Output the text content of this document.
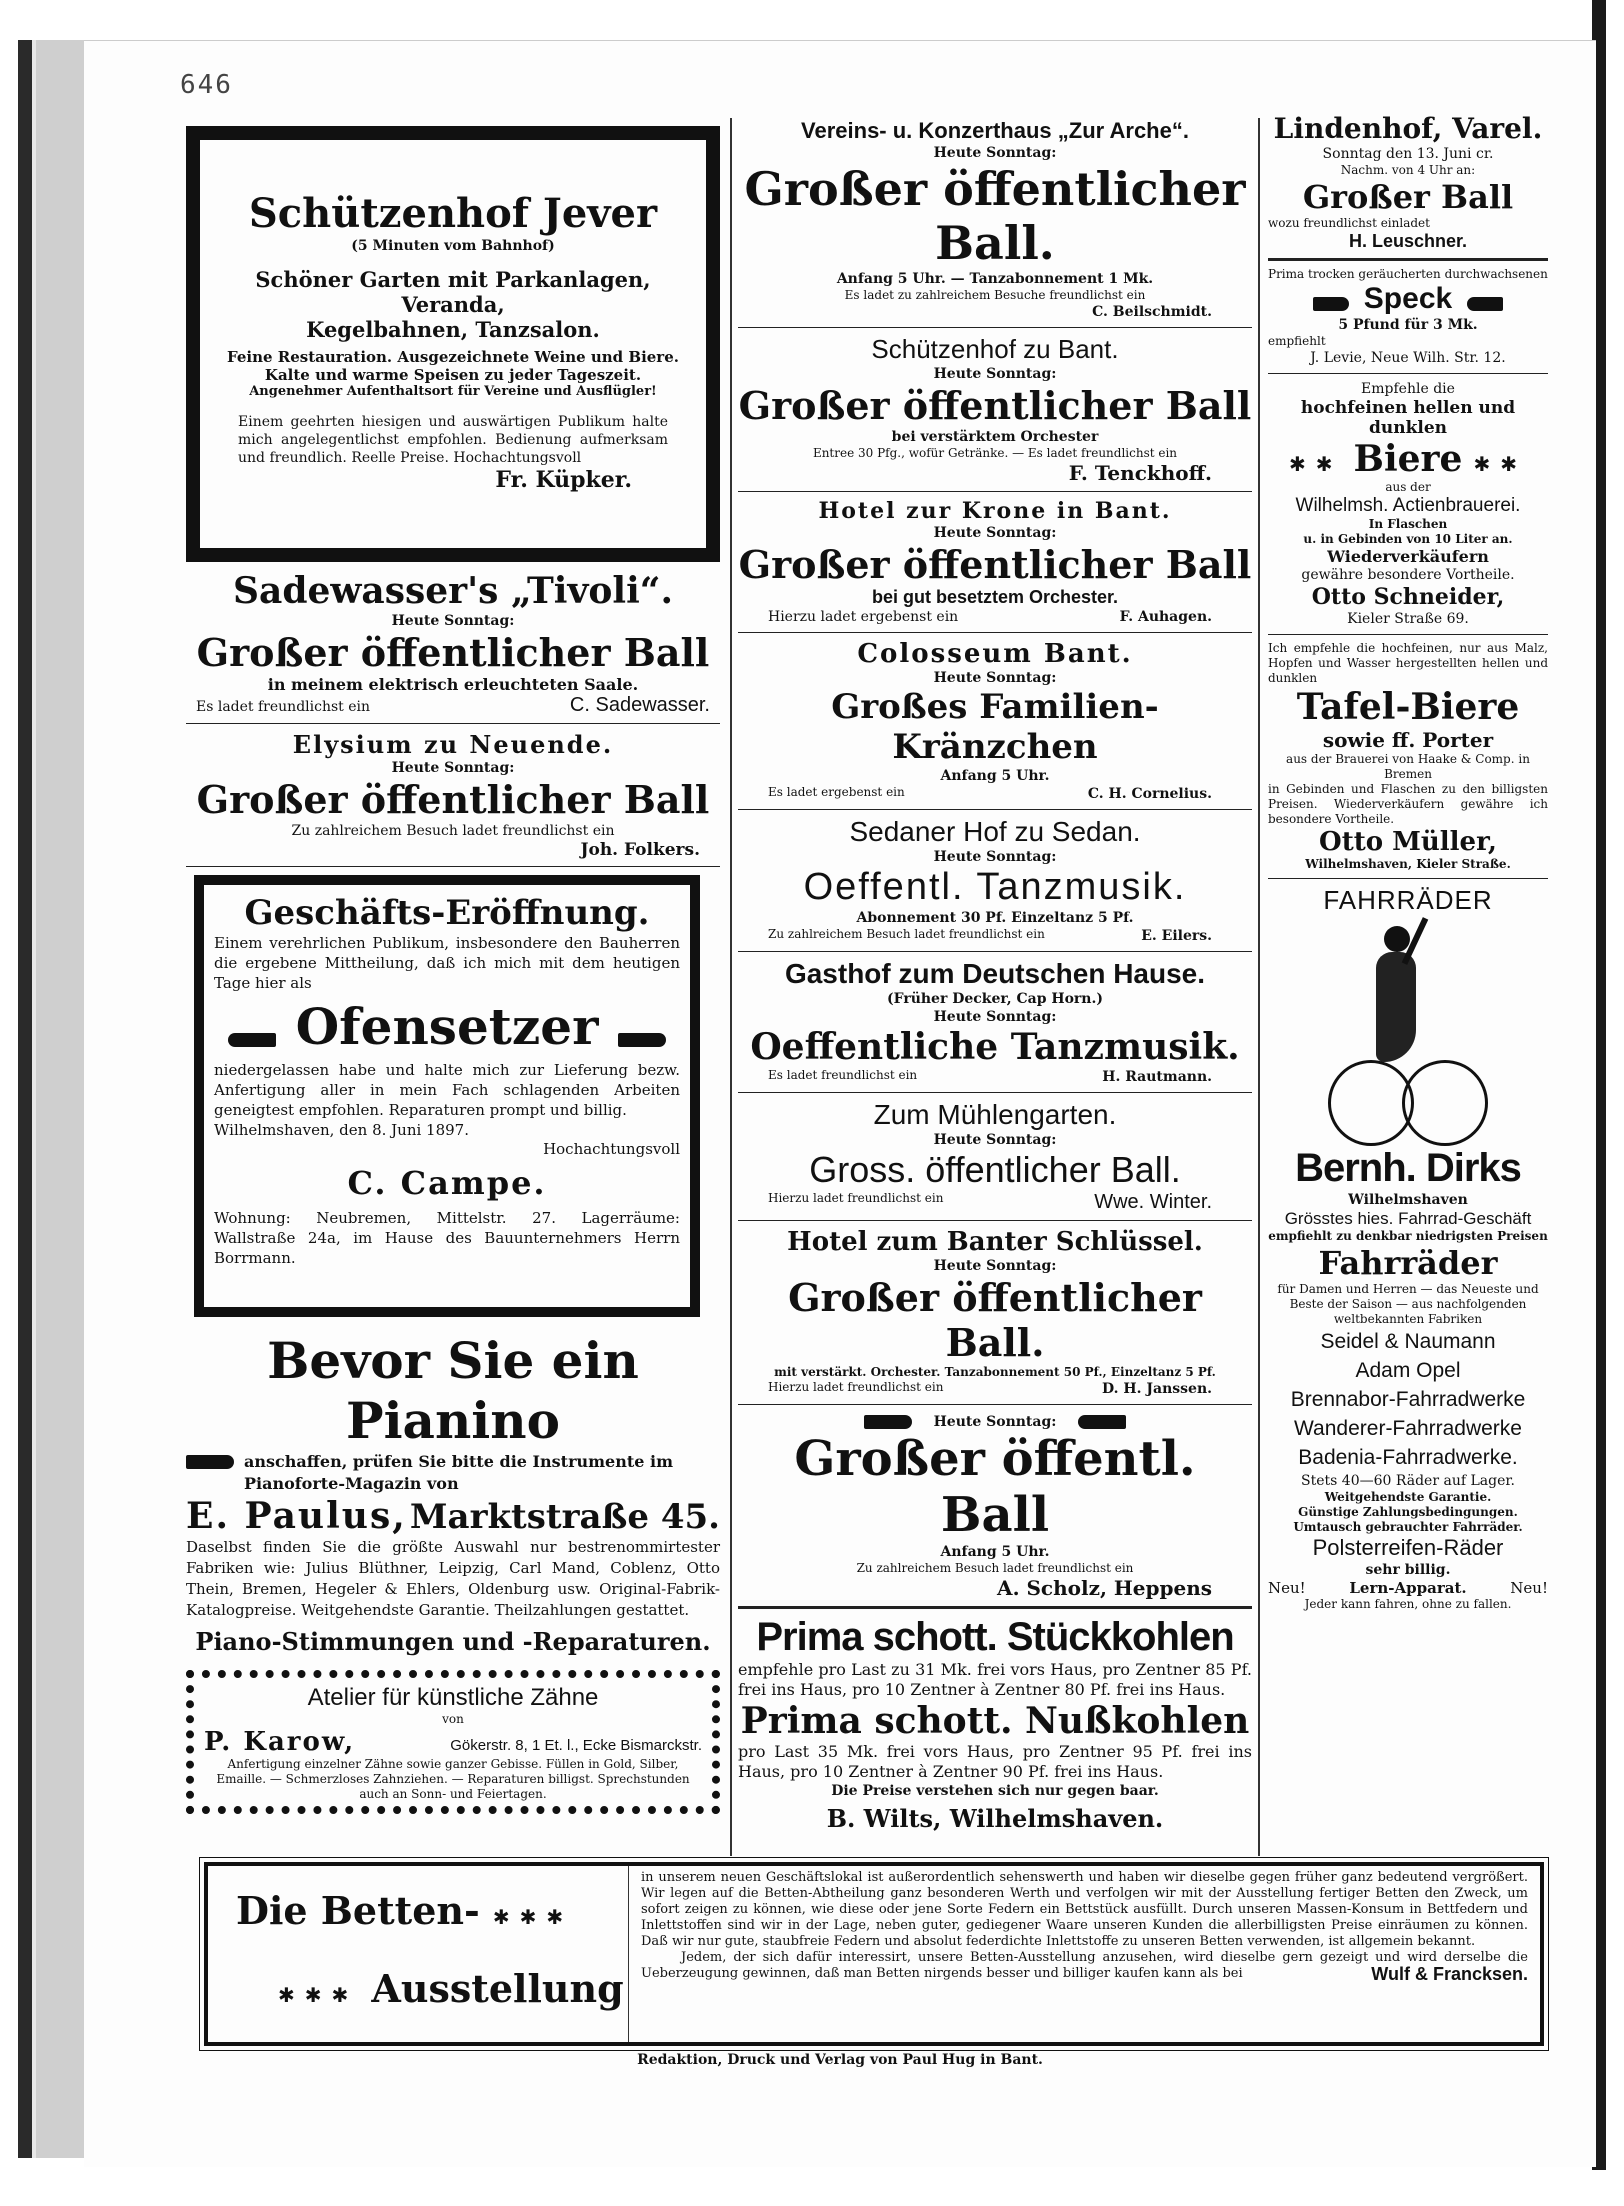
646
Schützenhof Jever
(5 Minuten vom Bahnhof)
Schöner Garten mit Parkanlagen, Veranda,
Kegelbahnen, Tanzsalon.
Feine Restauration. Ausgezeichnete Weine und Biere.
Kalte und warme Speisen zu jeder Tageszeit.
Angenehmer Aufenthaltsort für Vereine und Ausflügler!
Einem geehrten hiesigen und auswärtigen Publikum halte mich angelegentlichst empfohlen. Bedienung aufmerksam und freundlich. Reelle Preise. Hochachtungsvoll
Fr. Küpker.
Sadewasser's „Tivoli“.
Heute Sonntag:
Großer öffentlicher Ball
in meinem elektrisch erleuchteten Saale.
Es ladet freundlichst ein	C. Sadewasser.
Elysium zu Neuende.
Heute Sonntag:
Großer öffentlicher Ball
Zu zahlreichem Besuch ladet freundlichst ein
Joh. Folkers.
Geschäfts-Eröffnung.
Einem verehrlichen Publikum, insbesondere den Bauherren die ergebene Mittheilung, daß ich mich mit dem heutigen Tage hier als
Ofensetzer
niedergelassen habe und halte mich zur Lieferung bezw. Anfertigung aller in mein Fach schlagenden Arbeiten geneigtest empfohlen. Reparaturen prompt und billig.
Wilhelmshaven, den 8. Juni 1897.
Hochachtungsvoll
C. Campe.
Wohnung: Neubremen, Mittelstr. 27. Lagerräume: Wallstraße 24a, im Hause des Bauunternehmers Herrn Borrmann.
Bevor Sie ein Pianino
anschaffen, prüfen Sie bitte die Instrumente im Pianoforte-Magazin von
E. Paulus, Marktstraße 45.
Daselbst finden Sie die größte Auswahl nur bestrenommirtester Fabriken wie: Julius Blüthner, Leipzig, Carl Mand, Coblenz, Otto Thein, Bremen, Hegeler & Ehlers, Oldenburg usw. Original-Fabrik-Katalogpreise. Weitgehendste Garantie. Theilzahlungen gestattet.
Piano-Stimmungen und -Reparaturen.
Atelier für künstliche Zähne
von
P. Karow,	Gökerstr. 8, 1 Et. l., Ecke Bismarckstr.
Anfertigung einzelner Zähne sowie ganzer Gebisse. Füllen in Gold, Silber, Emaille. — Schmerzloses Zahnziehen. — Reparaturen billigst. Sprechstunden auch an Sonn- und Feiertagen.
Vereins- u. Konzerthaus „Zur Arche“.
Heute Sonntag:
Großer öffentlicher Ball.
Anfang 5 Uhr. — Tanzabonnement 1 Mk.
Es ladet zu zahlreichem Besuche freundlichst ein
C. Beilschmidt.
Schützenhof zu Bant.
Heute Sonntag:
Großer öffentlicher Ball
bei verstärktem Orchester
Entree 30 Pfg., wofür Getränke. — Es ladet freundlichst ein
F. Tenckhoff.
Hotel zur Krone in Bant.
Heute Sonntag:
Großer öffentlicher Ball
bei gut besetztem Orchester.
Hierzu ladet ergebenst ein	F. Auhagen.
Colosseum Bant.
Heute Sonntag:
Großes Familien-Kränzchen
Anfang 5 Uhr.
Es ladet ergebenst ein	C. H. Cornelius.
Sedaner Hof zu Sedan.
Heute Sonntag:
Oeffentl. Tanzmusik.
Abonnement 30 Pf. Einzeltanz 5 Pf.
Zu zahlreichem Besuch ladet freundlichst ein	E. Eilers.
Gasthof zum Deutschen Hause.
(Früher Decker, Cap Horn.)
Heute Sonntag:
Oeffentliche Tanzmusik.
Es ladet freundlichst ein	H. Rautmann.
Zum Mühlengarten.
Heute Sonntag:
Gross. öffentlicher Ball.
Hierzu ladet freundlichst ein	Wwe. Winter.
Hotel zum Banter Schlüssel.
Heute Sonntag:
Großer öffentlicher Ball.
mit verstärkt. Orchester. Tanzabonnement 50 Pf., Einzeltanz 5 Pf.
Hierzu ladet freundlichst ein	D. H. Janssen.
Heute Sonntag:
Großer öffentl. Ball
Anfang 5 Uhr.
Zu zahlreichem Besuch ladet freundlichst ein
A. Scholz, Heppens
Prima schott. Stückkohlen
empfehle pro Last zu 31 Mk. frei vors Haus, pro Zentner 85 Pf. frei ins Haus, pro 10 Zentner à Zentner 80 Pf. frei ins Haus.
Prima schott. Nußkohlen
pro Last 35 Mk. frei vors Haus, pro Zentner 95 Pf. frei ins Haus, pro 10 Zentner à Zentner 90 Pf. frei ins Haus.
Die Preise verstehen sich nur gegen baar.
B. Wilts, Wilhelmshaven.
Lindenhof, Varel.
Sonntag den 13. Juni cr.
Nachm. von 4 Uhr an:
Großer Ball
wozu freundlichst einladet
H. Leuschner.
Prima trocken geräucherten durchwachsenen
Speck
5 Pfund für 3 Mk.
empfiehlt
J. Levie, Neue Wilh. Str. 12.
Empfehle die
hochfeinen hellen und dunklen
✱✱ Biere ✱✱
aus der
Wilhelmsh. Actienbrauerei.
In Flaschen
u. in Gebinden von 10 Liter an.
Wiederverkäufern
gewähre besondere Vortheile.
Otto Schneider,
Kieler Straße 69.
Ich empfehle die hochfeinen, nur aus Malz, Hopfen und Wasser hergestellten hellen und dunklen
Tafel-Biere
sowie ff. Porter
aus der Brauerei von Haake & Comp. in Bremen
in Gebinden und Flaschen zu den billigsten Preisen. Wiederverkäufern gewähre ich besondere Vortheile.
Otto Müller,
Wilhelmshaven, Kieler Straße.
FAHRRÄDER
Bernh. Dirks
Wilhelmshaven
Grösstes hies. Fahrrad-Geschäft
empfiehlt zu denkbar niedrigsten Preisen
Fahrräder
für Damen und Herren — das Neueste und Beste der Saison — aus nachfolgenden weltbekannten Fabriken
Seidel & Naumann
Adam Opel
Brennabor-Fahrradwerke
Wanderer-Fahrradwerke
Badenia-Fahrradwerke.
Stets 40—60 Räder auf Lager.
Weitgehendste Garantie.
Günstige Zahlungsbedingungen.
Umtausch gebrauchter Fahrräder.
Polsterreifen-Räder
sehr billig.
Neu!	Lern-Apparat.	Neu!
Jeder kann fahren, ohne zu fallen.
Die Betten- ✱✱✱
✱✱✱ Ausstellung
in unserem neuen Geschäftslokal ist außerordentlich sehenswerth und haben wir dieselbe gegen früher ganz bedeutend vergrößert. Wir legen auf die Betten-Abtheilung ganz besonderen Werth und verfolgen wir mit der Ausstellung fertiger Betten den Zweck, um sofort zeigen zu können, wie diese oder jene Sorte Federn ein Bettstück ausfüllt. Durch unseren Massen-Konsum in Bettfedern und Inlettstoffen sind wir in der Lage, neben guter, gediegener Waare unseren Kunden die allerbilligsten Preise einräumen zu können. Daß wir nur gute, staubfreie Federn und absolut federdichte Inlettstoffe zu unseren Betten verwenden, ist allgemein bekannt.
Jedem, der sich dafür interessirt, unsere Betten-Ausstellung anzusehen, wird dieselbe gern gezeigt und wird derselbe die Ueberzeugung gewinnen, daß man Betten nirgends besser und billiger kaufen kann als bei	Wulf & Francksen.
Redaktion, Druck und Verlag von Paul Hug in Bant.
